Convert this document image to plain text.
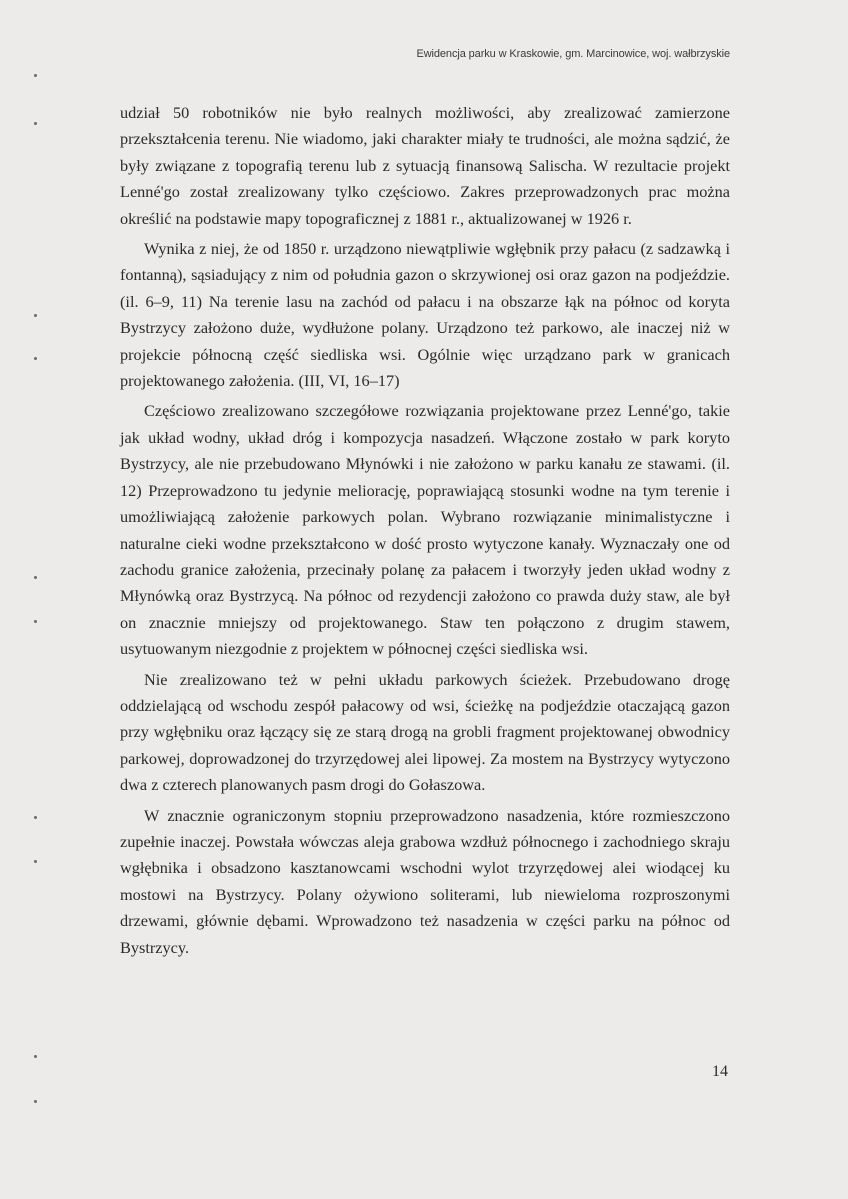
Ewidencja parku w Kraskowie, gm. Marcinowice, woj. wałbrzyskie

udział 50 robotników nie było realnych możliwości, aby zrealizować zamierzone przekształcenia terenu. Nie wiadomo, jaki charakter miały te trudności, ale można sądzić, że były związane z topografią terenu lub z sytuacją finansową Salischa. W rezultacie projekt Lenné'go został zrealizowany tylko częściowo. Zakres przeprowadzonych prac można określić na podstawie mapy topograficznej z 1881 r., aktualizowanej w 1926 r.

Wynika z niej, że od 1850 r. urządzono niewątpliwie wgłębnik przy pałacu (z sadzawką i fontanną), sąsiadujący z nim od południa gazon o skrzywionej osi oraz gazon na podjeździe. (il. 6–9, 11) Na terenie lasu na zachód od pałacu i na obszarze łąk na północ od koryta Bystrzycy założono duże, wydłużone polany. Urządzono też parkowo, ale inaczej niż w projekcie północną część siedliska wsi. Ogólnie więc urządzano park w granicach projektowanego założenia. (III, VI, 16–17)

Częściowo zrealizowano szczegółowe rozwiązania projektowane przez Lenné'go, takie jak układ wodny, układ dróg i kompozycja nasadzeń. Włączone zostało w park koryto Bystrzycy, ale nie przebudowano Młynówki i nie założono w parku kanału ze stawami. (il. 12) Przeprowadzono tu jedynie meliorację, poprawiającą stosunki wodne na tym terenie i umożliwiającą założenie parkowych polan. Wybrano rozwiązanie minimalistyczne i naturalne cieki wodne przekształcono w dość prosto wytyczone kanały. Wyznaczały one od zachodu granice założenia, przecinały polanę za pałacem i tworzyły jeden układ wodny z Młynówką oraz Bystrzycą. Na północ od rezydencji założono co prawda duży staw, ale był on znacznie mniejszy od projektowanego. Staw ten połączono z drugim stawem, usytuowanym niezgodnie z projektem w północnej części siedliska wsi.

Nie zrealizowano też w pełni układu parkowych ścieżek. Przebudowano drogę oddzielającą od wschodu zespół pałacowy od wsi, ścieżkę na podjeździe otaczającą gazon przy wgłębniku oraz łączący się ze starą drogą na grobli fragment projektowanej obwodnicy parkowej, doprowadzonej do trzyrzędowej alei lipowej. Za mostem na Bystrzycy wytyczono dwa z czterech planowanych pasm drogi do Gołaszowa.

W znacznie ograniczonym stopniu przeprowadzono nasadzenia, które rozmieszczono zupełnie inaczej. Powstała wówczas aleja grabowa wzdłuż północnego i zachodniego skraju wgłębnika i obsadzono kasztanowcami wschodni wylot trzyrzędowej alei wiodącej ku mostowi na Bystrzycy. Polany ożywiono soliterami, lub niewieloma rozproszonymi drzewami, głównie dębami. Wprowadzono też nasadzenia w części parku na północ od Bystrzycy.

14
